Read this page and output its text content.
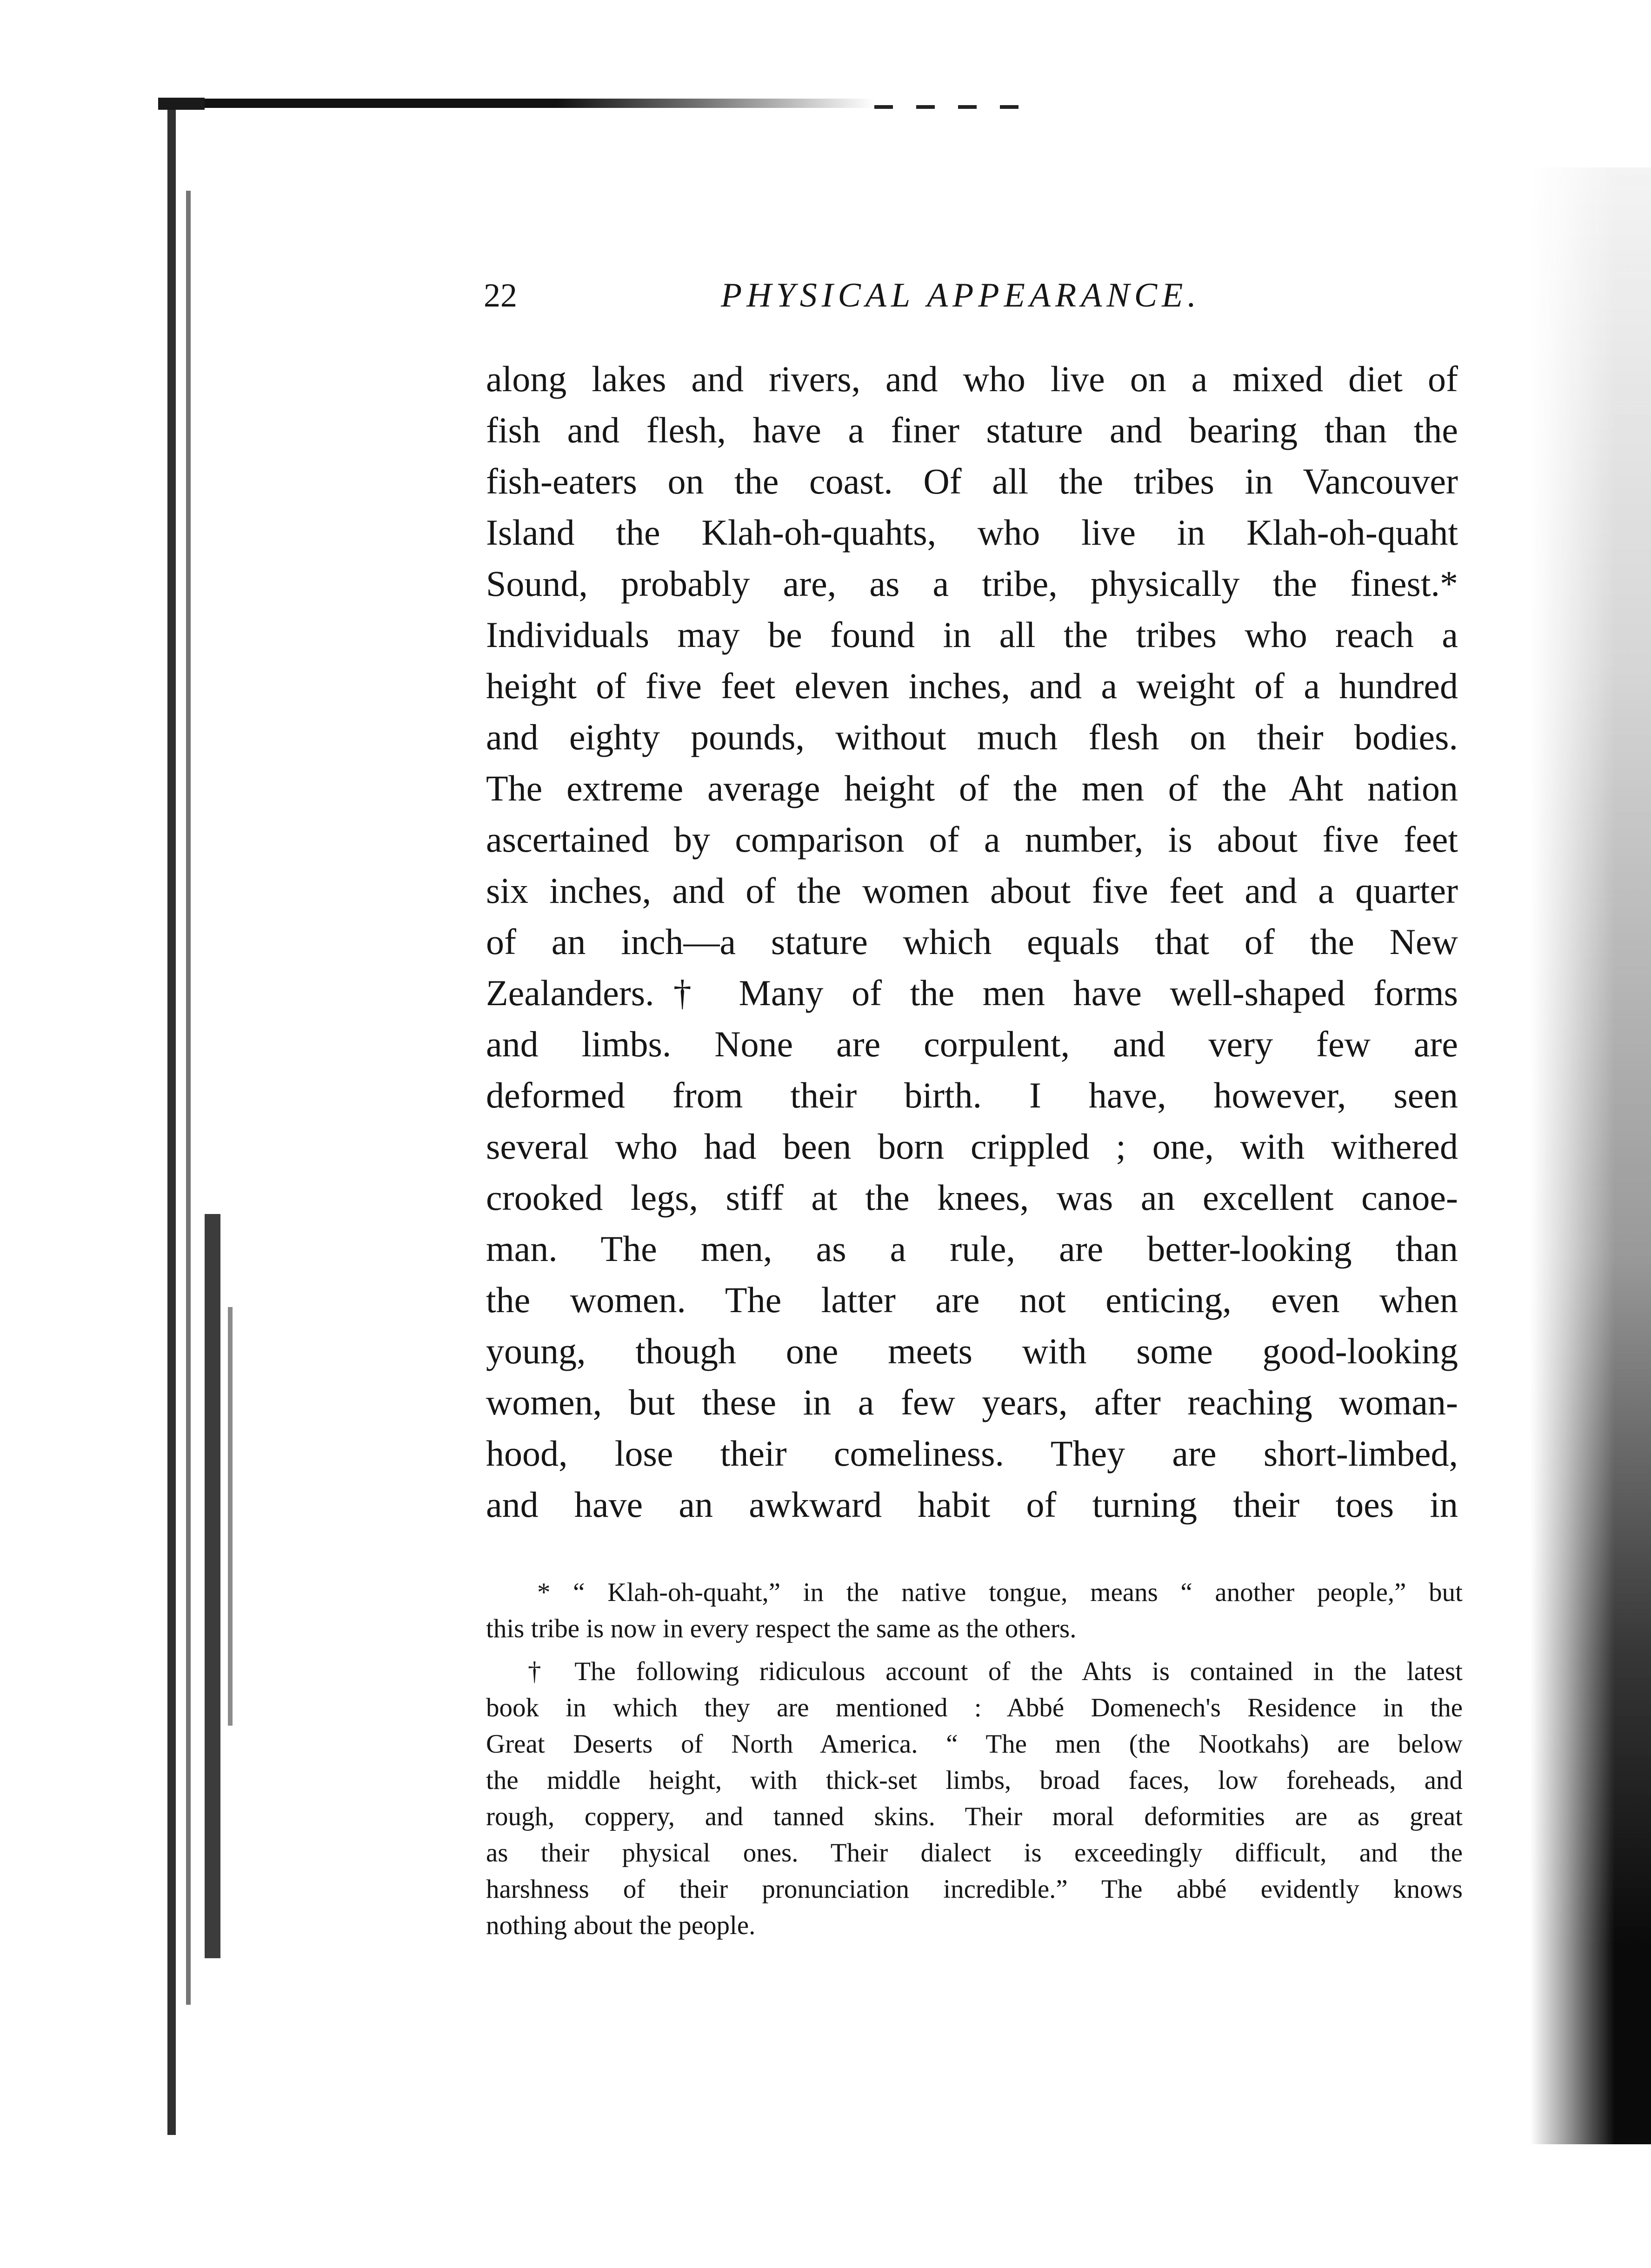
22	PHYSICAL APPEARANCE.
along lakes and rivers, and who live on a mixed diet of
fish and flesh, have a finer stature and bearing than the
fish-eaters on the coast. Of all the tribes in Vancouver
Island the Klah-oh-quahts, who live in Klah-oh-quaht
Sound, probably are, as a tribe, physically the finest.*
Individuals may be found in all the tribes who reach a
height of five feet eleven inches, and a weight of a hundred
and eighty pounds, without much flesh on their bodies.
The extreme average height of the men of the Aht nation
ascertained by comparison of a number, is about five feet
six inches, and of the women about five feet and a quarter
of an inch—a stature which equals that of the New
Zealanders.† Many of the men have well-shaped forms
and limbs. None are corpulent, and very few are
deformed from their birth. I have, however, seen
several who had been born crippled ; one, with withered
crooked legs, stiff at the knees, was an excellent canoe-
man. The men, as a rule, are better-looking than
the women. The latter are not enticing, even when
young, though one meets with some good-looking
women, but these in a few years, after reaching woman-
hood, lose their comeliness. They are short-limbed,
and have an awkward habit of turning their toes in
* “ Klah-oh-quaht,” in the native tongue, means “ another people,” but
this tribe is now in every respect the same as the others.
† The following ridiculous account of the Ahts is contained in the latest
book in which they are mentioned : Abbé Domenech's Residence in the
Great Deserts of North America. “ The men (the Nootkahs) are below
the middle height, with thick-set limbs, broad faces, low foreheads, and
rough, coppery, and tanned skins. Their moral deformities are as great
as their physical ones. Their dialect is exceedingly difficult, and the
harshness of their pronunciation incredible.” The abbé evidently knows
nothing about the people.
